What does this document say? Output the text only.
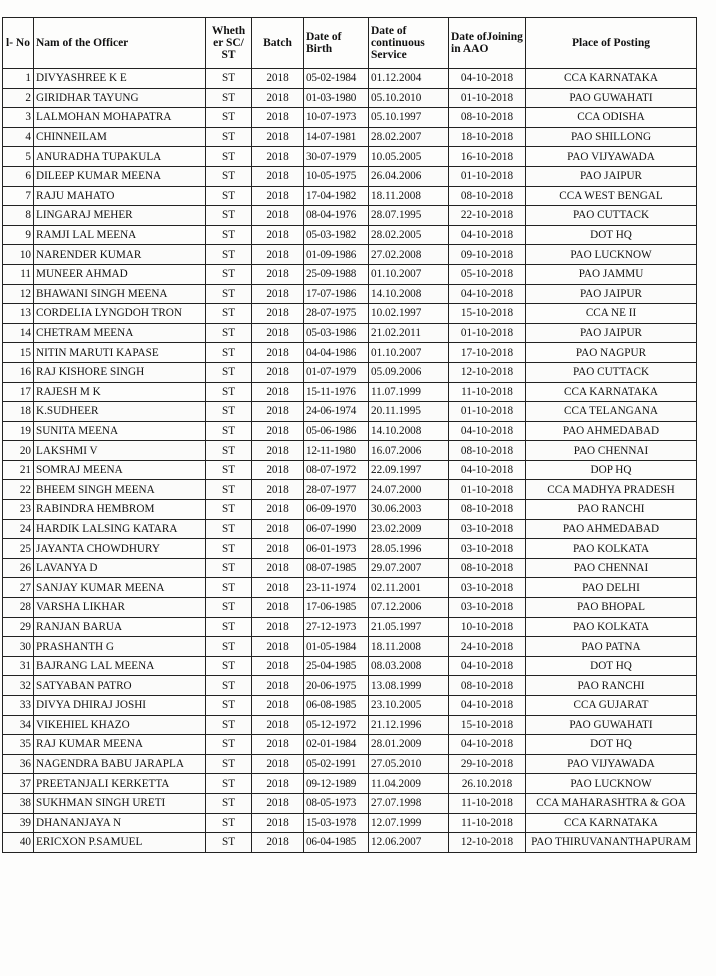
l- No	Nam of the Officer	Wheth er SC/ ST	Batch	Date of Birth	Date of continuous Service	Date ofJoining in AAO	Place of Posting
1	DIVYASHREE K E	ST	2018	05-02-1984	01.12.2004	04-10-2018	CCA KARNATAKA
2	GIRIDHAR TAYUNG	ST	2018	01-03-1980	05.10.2010	01-10-2018	PAO GUWAHATI
3	LALMOHAN MOHAPATRA	ST	2018	10-07-1973	05.10.1997	08-10-2018	CCA ODISHA
4	CHINNEILAM	ST	2018	14-07-1981	28.02.2007	18-10-2018	PAO SHILLONG
5	ANURADHA TUPAKULA	ST	2018	30-07-1979	10.05.2005	16-10-2018	PAO VIJYAWADA
6	DILEEP KUMAR MEENA	ST	2018	10-05-1975	26.04.2006	01-10-2018	PAO JAIPUR
7	RAJU MAHATO	ST	2018	17-04-1982	18.11.2008	08-10-2018	CCA WEST BENGAL
8	LINGARAJ MEHER	ST	2018	08-04-1976	28.07.1995	22-10-2018	PAO CUTTACK
9	RAMJI LAL MEENA	ST	2018	05-03-1982	28.02.2005	04-10-2018	DOT HQ
10	NARENDER KUMAR	ST	2018	01-09-1986	27.02.2008	09-10-2018	PAO LUCKNOW
11	MUNEER AHMAD	ST	2018	25-09-1988	01.10.2007	05-10-2018	PAO JAMMU
12	BHAWANI SINGH MEENA	ST	2018	17-07-1986	14.10.2008	04-10-2018	PAO JAIPUR
13	CORDELIA LYNGDOH TRON	ST	2018	28-07-1975	10.02.1997	15-10-2018	CCA NE II
14	CHETRAM MEENA	ST	2018	05-03-1986	21.02.2011	01-10-2018	PAO JAIPUR
15	NITIN MARUTI KAPASE	ST	2018	04-04-1986	01.10.2007	17-10-2018	PAO NAGPUR
16	RAJ KISHORE SINGH	ST	2018	01-07-1979	05.09.2006	12-10-2018	PAO CUTTACK
17	RAJESH M K	ST	2018	15-11-1976	11.07.1999	11-10-2018	CCA KARNATAKA
18	K.SUDHEER	ST	2018	24-06-1974	20.11.1995	01-10-2018	CCA TELANGANA
19	SUNITA MEENA	ST	2018	05-06-1986	14.10.2008	04-10-2018	PAO AHMEDABAD
20	LAKSHMI V	ST	2018	12-11-1980	16.07.2006	08-10-2018	PAO CHENNAI
21	SOMRAJ MEENA	ST	2018	08-07-1972	22.09.1997	04-10-2018	DOP HQ
22	BHEEM SINGH MEENA	ST	2018	28-07-1977	24.07.2000	01-10-2018	CCA MADHYA PRADESH
23	RABINDRA HEMBROM	ST	2018	06-09-1970	30.06.2003	08-10-2018	PAO RANCHI
24	HARDIK LALSING KATARA	ST	2018	06-07-1990	23.02.2009	03-10-2018	PAO AHMEDABAD
25	JAYANTA CHOWDHURY	ST	2018	06-01-1973	28.05.1996	03-10-2018	PAO KOLKATA
26	LAVANYA D	ST	2018	08-07-1985	29.07.2007	08-10-2018	PAO CHENNAI
27	SANJAY KUMAR MEENA	ST	2018	23-11-1974	02.11.2001	03-10-2018	PAO DELHI
28	VARSHA LIKHAR	ST	2018	17-06-1985	07.12.2006	03-10-2018	PAO BHOPAL
29	RANJAN BARUA	ST	2018	27-12-1973	21.05.1997	10-10-2018	PAO KOLKATA
30	PRASHANTH G	ST	2018	01-05-1984	18.11.2008	24-10-2018	PAO PATNA
31	BAJRANG LAL MEENA	ST	2018	25-04-1985	08.03.2008	04-10-2018	DOT HQ
32	SATYABAN PATRO	ST	2018	20-06-1975	13.08.1999	08-10-2018	PAO RANCHI
33	DIVYA DHIRAJ JOSHI	ST	2018	06-08-1985	23.10.2005	04-10-2018	CCA GUJARAT
34	VIKEHIEL KHAZO	ST	2018	05-12-1972	21.12.1996	15-10-2018	PAO GUWAHATI
35	RAJ KUMAR MEENA	ST	2018	02-01-1984	28.01.2009	04-10-2018	DOT HQ
36	NAGENDRA BABU JARAPLA	ST	2018	05-02-1991	27.05.2010	29-10-2018	PAO VIJYAWADA
37	PREETANJALI KERKETTA	ST	2018	09-12-1989	11.04.2009	26.10.2018	PAO LUCKNOW
38	SUKHMAN SINGH URETI	ST	2018	08-05-1973	27.07.1998	11-10-2018	CCA MAHARASHTRA & GOA
39	DHANANJAYA N	ST	2018	15-03-1978	12.07.1999	11-10-2018	CCA KARNATAKA
40	ERICXON P.SAMUEL	ST	2018	06-04-1985	12.06.2007	12-10-2018	PAO THIRUVANANTHAPURAM
